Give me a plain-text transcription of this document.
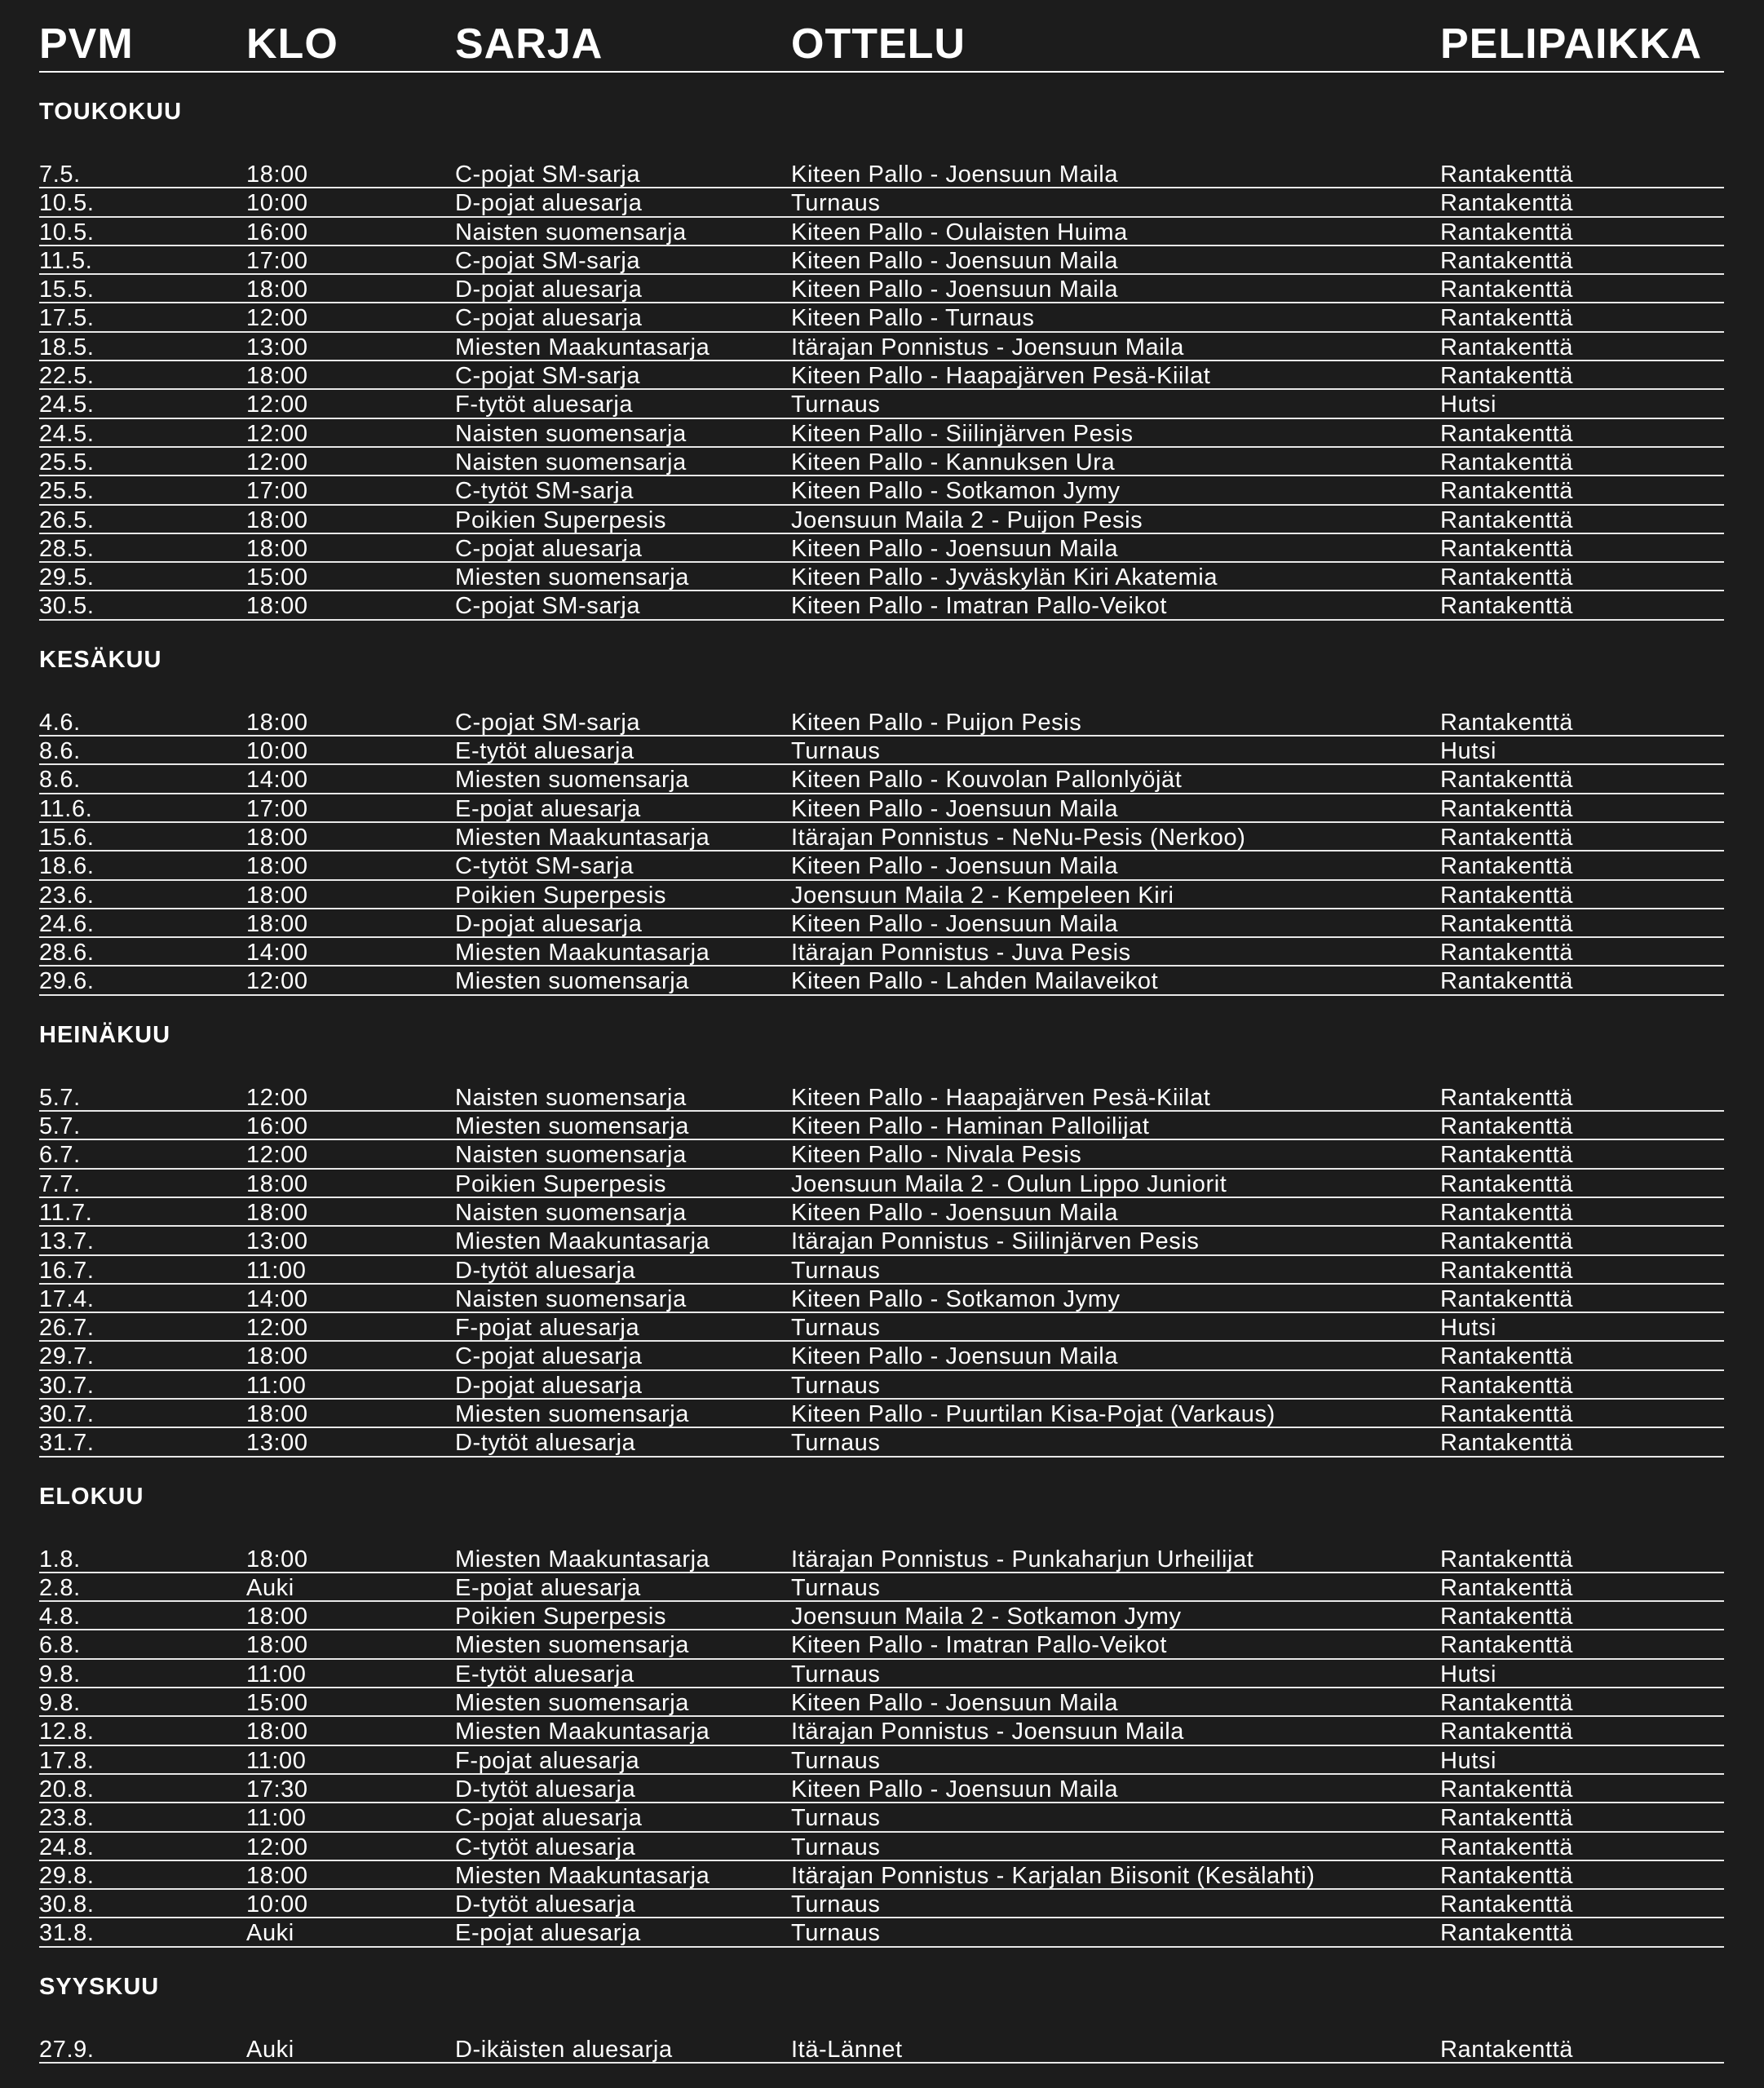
PVM	KLO	SARJA	OTTELU	PELIPAIKKA
TOUKOKUU
7.5.	18:00	C-pojat SM-sarja	Kiteen Pallo - Joensuun Maila	Rantakenttä
10.5.	10:00	D-pojat aluesarja	Turnaus	Rantakenttä
10.5.	16:00	Naisten suomensarja	Kiteen Pallo - Oulaisten Huima	Rantakenttä
11.5.	17:00	C-pojat SM-sarja	Kiteen Pallo - Joensuun Maila	Rantakenttä
15.5.	18:00	D-pojat aluesarja	Kiteen Pallo - Joensuun Maila	Rantakenttä
17.5.	12:00	C-pojat aluesarja	Kiteen Pallo - Turnaus	Rantakenttä
18.5.	13:00	Miesten Maakuntasarja	Itärajan Ponnistus - Joensuun Maila	Rantakenttä
22.5.	18:00	C-pojat SM-sarja	Kiteen Pallo - Haapajärven Pesä-Kiilat	Rantakenttä
24.5.	12:00	F-tytöt aluesarja	Turnaus	Hutsi
24.5.	12:00	Naisten suomensarja	Kiteen Pallo - Siilinjärven Pesis	Rantakenttä
25.5.	12:00	Naisten suomensarja	Kiteen Pallo - Kannuksen Ura	Rantakenttä
25.5.	17:00	C-tytöt SM-sarja	Kiteen Pallo - Sotkamon Jymy	Rantakenttä
26.5.	18:00	Poikien Superpesis	Joensuun Maila 2 - Puijon Pesis	Rantakenttä
28.5.	18:00	C-pojat aluesarja	Kiteen Pallo - Joensuun Maila	Rantakenttä
29.5.	15:00	Miesten suomensarja	Kiteen Pallo - Jyväskylän Kiri Akatemia	Rantakenttä
30.5.	18:00	C-pojat SM-sarja	Kiteen Pallo - Imatran Pallo-Veikot	Rantakenttä
KESÄKUU
4.6.	18:00	C-pojat SM-sarja	Kiteen Pallo - Puijon Pesis	Rantakenttä
8.6.	10:00	E-tytöt aluesarja	Turnaus	Hutsi
8.6.	14:00	Miesten suomensarja	Kiteen Pallo - Kouvolan Pallonlyöjät	Rantakenttä
11.6.	17:00	E-pojat aluesarja	Kiteen Pallo - Joensuun Maila	Rantakenttä
15.6.	18:00	Miesten Maakuntasarja	Itärajan Ponnistus - NeNu-Pesis (Nerkoo)	Rantakenttä
18.6.	18:00	C-tytöt SM-sarja	Kiteen Pallo - Joensuun Maila	Rantakenttä
23.6.	18:00	Poikien Superpesis	Joensuun Maila 2 - Kempeleen Kiri	Rantakenttä
24.6.	18:00	D-pojat aluesarja	Kiteen Pallo - Joensuun Maila	Rantakenttä
28.6.	14:00	Miesten Maakuntasarja	Itärajan Ponnistus - Juva Pesis	Rantakenttä
29.6.	12:00	Miesten suomensarja	Kiteen Pallo - Lahden Mailaveikot	Rantakenttä
HEINÄKUU
5.7.	12:00	Naisten suomensarja	Kiteen Pallo - Haapajärven Pesä-Kiilat	Rantakenttä
5.7.	16:00	Miesten suomensarja	Kiteen Pallo - Haminan Palloilijat	Rantakenttä
6.7.	12:00	Naisten suomensarja	Kiteen Pallo - Nivala Pesis	Rantakenttä
7.7.	18:00	Poikien Superpesis	Joensuun Maila 2 - Oulun Lippo Juniorit	Rantakenttä
11.7.	18:00	Naisten suomensarja	Kiteen Pallo - Joensuun Maila	Rantakenttä
13.7.	13:00	Miesten Maakuntasarja	Itärajan Ponnistus - Siilinjärven Pesis	Rantakenttä
16.7.	11:00	D-tytöt aluesarja	Turnaus	Rantakenttä
17.4.	14:00	Naisten suomensarja	Kiteen Pallo - Sotkamon Jymy	Rantakenttä
26.7.	12:00	F-pojat aluesarja	Turnaus	Hutsi
29.7.	18:00	C-pojat aluesarja	Kiteen Pallo - Joensuun Maila	Rantakenttä
30.7.	11:00	D-pojat aluesarja	Turnaus	Rantakenttä
30.7.	18:00	Miesten suomensarja	Kiteen Pallo - Puurtilan Kisa-Pojat (Varkaus)	Rantakenttä
31.7.	13:00	D-tytöt aluesarja	Turnaus	Rantakenttä
ELOKUU
1.8.	18:00	Miesten Maakuntasarja	Itärajan Ponnistus - Punkaharjun Urheilijat	Rantakenttä
2.8.	Auki	E-pojat aluesarja	Turnaus	Rantakenttä
4.8.	18:00	Poikien Superpesis	Joensuun Maila 2 - Sotkamon Jymy	Rantakenttä
6.8.	18:00	Miesten suomensarja	Kiteen Pallo - Imatran Pallo-Veikot	Rantakenttä
9.8.	11:00	E-tytöt aluesarja	Turnaus	Hutsi
9.8.	15:00	Miesten suomensarja	Kiteen Pallo - Joensuun Maila	Rantakenttä
12.8.	18:00	Miesten Maakuntasarja	Itärajan Ponnistus - Joensuun Maila	Rantakenttä
17.8.	11:00	F-pojat aluesarja	Turnaus	Hutsi
20.8.	17:30	D-tytöt aluesarja	Kiteen Pallo - Joensuun Maila	Rantakenttä
23.8.	11:00	C-pojat aluesarja	Turnaus	Rantakenttä
24.8.	12:00	C-tytöt aluesarja	Turnaus	Rantakenttä
29.8.	18:00	Miesten Maakuntasarja	Itärajan Ponnistus - Karjalan Biisonit (Kesälahti)	Rantakenttä
30.8.	10:00	D-tytöt aluesarja	Turnaus	Rantakenttä
31.8.	Auki	E-pojat aluesarja	Turnaus	Rantakenttä
SYYSKUU
27.9.	Auki	D-ikäisten aluesarja	Itä-Lännet	Rantakenttä
